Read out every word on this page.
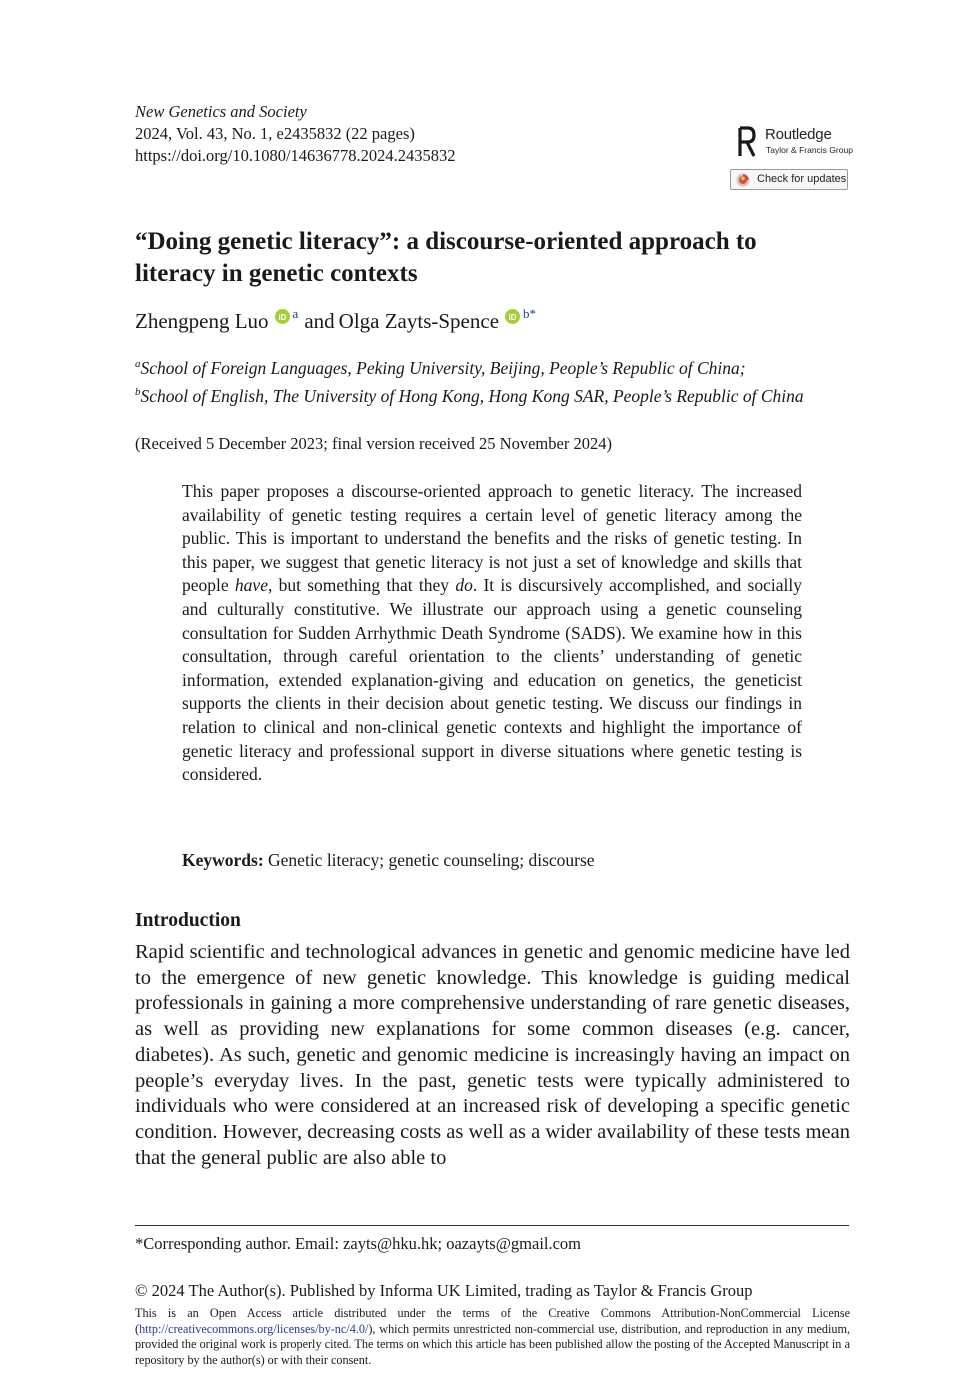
New Genetics and Society
2024, Vol. 43, No. 1, e2435832 (22 pages)
https://doi.org/10.1080/14636778.2024.2435832
Routledge
Taylor & Francis Group
Check for updates
“Doing genetic literacy”: a discourse-oriented approach to
literacy in genetic contexts
Zhengpeng Luo iD $^a$ and Olga Zayts-Spence iD $^{b*}$
$^a$School of Foreign Languages, Peking University, Beijing, People’s Republic of China;
$^b$School of English, The University of Hong Kong, Hong Kong SAR, People’s Republic of China
(Received 5 December 2023; final version received 25 November 2024)

This paper proposes a discourse-oriented approach to genetic literacy. The increased availability of genetic testing requires a certain level of genetic literacy among the public. This is important to understand the benefits and the risks of genetic testing. In this paper, we suggest that genetic literacy is not just a set of knowledge and skills that people have, but something that they do. It is discursively accomplished, and socially and culturally constitutive. We illustrate our approach using a genetic counseling consultation for Sudden Arrhythmic Death Syndrome (SADS). We examine how in this consultation, through careful orientation to the clients’ understanding of genetic information, extended explanation-giving and education on genetics, the geneticist supports the clients in their decision about genetic testing. We discuss our findings in relation to clinical and non-clinical genetic contexts and highlight the importance of genetic literacy and professional support in diverse situations where genetic testing is considered.

Keywords: Genetic literacy; genetic counseling; discourse
Introduction

Rapid scientific and technological advances in genetic and genomic medicine have led to the emergence of new genetic knowledge. This knowledge is guiding medical professionals in gaining a more comprehensive understanding of rare genetic diseases, as well as providing new explanations for some common diseases (e.g. cancer, diabetes). As such, genetic and genomic medicine is increasingly having an impact on people’s everyday lives. In the past, genetic tests were typically administered to individuals who were considered at an increased risk of developing a specific genetic condition. However, decreasing costs as well as a wider availability of these tests mean that the general public are also able to

*Corresponding author. Email: zayts@hku.hk; oazayts@gmail.com
© 2024 The Author(s). Published by Informa UK Limited, trading as Taylor & Francis Group

This is an Open Access article distributed under the terms of the Creative Commons Attribution-NonCommercial License (http://creativecommons.org/licenses/by-nc/4.0/), which permits unrestricted non-commercial use, distribution, and reproduction in any medium, provided the original work is properly cited. The terms on which this article has been published allow the posting of the Accepted Manuscript in a repository by the author(s) or with their consent.
